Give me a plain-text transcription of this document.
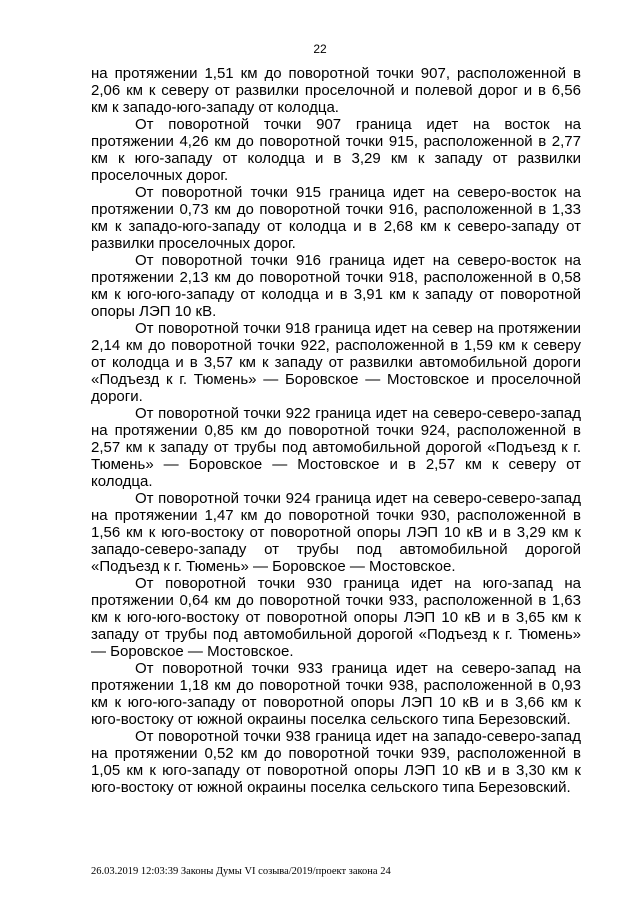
22

на протяжении 1,51 км до поворотной точки 907, расположенной в 2,06 км к северу от развилки проселочной и полевой дорог и в 6,56 км к западо-юго-западу от колодца.

От поворотной точки 907 граница идет на восток на протяжении 4,26 км до поворотной точки 915, расположенной в 2,77 км к юго-западу от колодца и в 3,29 км к западу от развилки проселочных дорог.

От поворотной точки 915 граница идет на северо-восток на протяжении 0,73 км до поворотной точки 916, расположенной в 1,33 км к западо-юго-западу от колодца и в 2,68 км к северо-западу от развилки проселочных дорог.

От поворотной точки 916 граница идет на северо-восток на протяжении 2,13 км до поворотной точки 918, расположенной в 0,58 км к юго-юго-западу от колодца и в 3,91 км к западу от поворотной опоры ЛЭП 10 кВ.

От поворотной точки 918 граница идет на север на протяжении 2,14 км до поворотной точки 922, расположенной в 1,59 км к северу от колодца и в 3,57 км к западу от развилки автомобильной дороги «Подъезд к г. Тюмень» — Боровское — Мостовское и проселочной дороги.

От поворотной точки 922 граница идет на северо-северо-запад на протяжении 0,85 км до поворотной точки 924, расположенной в 2,57 км к западу от трубы под автомобильной дорогой «Подъезд к г. Тюмень» — Боровское — Мостовское и в 2,57 км к северу от колодца.

От поворотной точки 924 граница идет на северо-северо-запад на протяжении 1,47 км до поворотной точки 930, расположенной в 1,56 км к юго-востоку от поворотной опоры ЛЭП 10 кВ и в 3,29 км к западо-северо-западу от трубы под автомобильной дорогой «Подъезд к г. Тюмень» — Боровское — Мостовское.

От поворотной точки 930 граница идет на юго-запад на протяжении 0,64 км до поворотной точки 933, расположенной в 1,63 км к юго-юго-востоку от поворотной опоры ЛЭП 10 кВ и в 3,65 км к западу от трубы под автомобильной дорогой «Подъезд к г. Тюмень» — Боровское — Мостовское.

От поворотной точки 933 граница идет на северо-запад на протяжении 1,18 км до поворотной точки 938, расположенной в 0,93 км к юго-юго-западу от поворотной опоры ЛЭП 10 кВ и в 3,66 км к юго-востоку от южной окраины поселка сельского типа Березовский.

От поворотной точки 938 граница идет на западо-северо-запад на протяжении 0,52 км до поворотной точки 939, расположенной в 1,05 км к юго-западу от поворотной опоры ЛЭП 10 кВ и в 3,30 км к юго-востоку от южной окраины поселка сельского типа Березовский.

26.03.2019 12:03:39 Законы Думы VI созыва/2019/проект закона 24
